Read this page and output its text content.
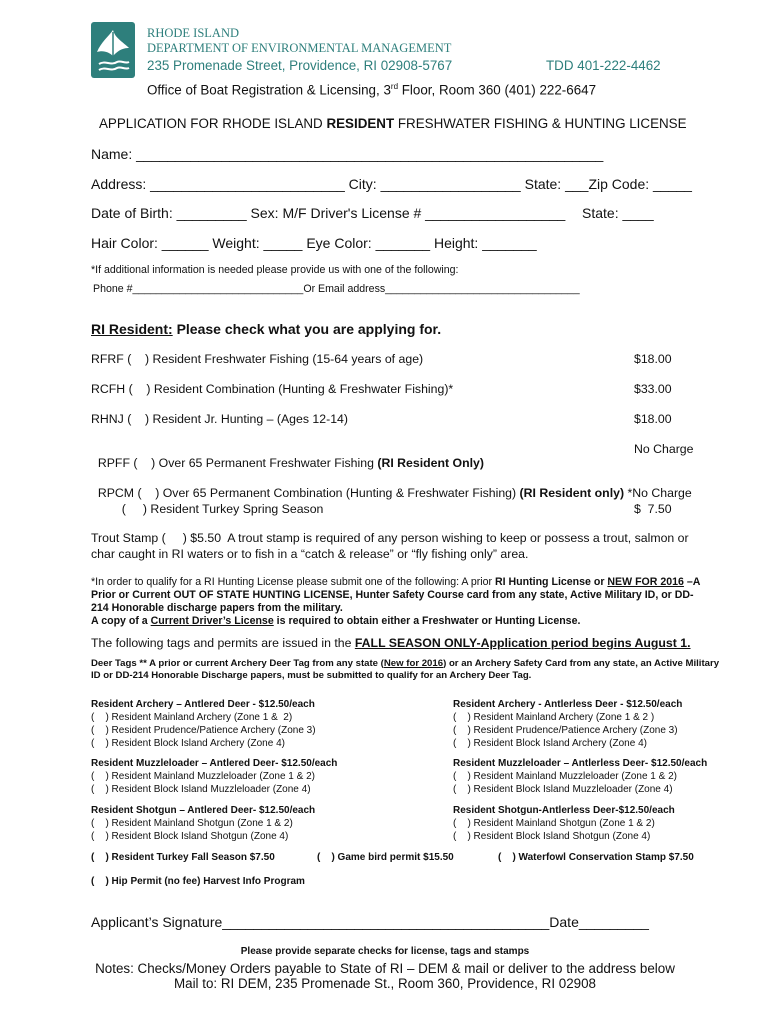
RHODE ISLAND
DEPARTMENT OF ENVIRONMENTAL MANAGEMENT
235 Promenade Street, Providence, RI 02908-5767	TDD 401-222-4462
Office of Boat Registration & Licensing, 3rd Floor, Room 360 (401) 222-6647
APPLICATION FOR RHODE ISLAND RESIDENT FRESHWATER FISHING & HUNTING LICENSE
Name: ____________________________________________________________
Address: _________________________ City: __________________ State: ___Zip Code: _____
Date of Birth: _________ Sex: M/F Driver's License # __________________ State: ____
Hair Color: ______ Weight: _____ Eye Color: _______ Height: _______
*If additional information is needed please provide us with one of the following:
Phone #_____________________________Or Email address_________________________________
RI Resident: Please check what you are applying for.
RFRF (    ) Resident Freshwater Fishing (15-64 years of age)	$18.00
RCFH (    ) Resident Combination (Hunting & Freshwater Fishing)*	$33.00
RHNJ (    ) Resident Jr. Hunting – (Ages 12-14)	$18.00

RPFF (    ) Over 65 Permanent Freshwater Fishing (RI Resident Only)

No Charge

RPCM (    ) Over 65 Permanent Combination (Hunting & Freshwater Fishing) (RI Resident only) *No Charge

(     ) Resident Turkey Spring Season	$  7.50
Trout Stamp (     ) $5.50  A trout stamp is required of any person wishing to keep or possess a trout, salmon or
char caught in RI waters or to fish in a “catch & release” or “fly fishing only” area.
*In order to qualify for a RI Hunting License please submit one of the following: A prior RI Hunting License or NEW FOR 2016 –A Prior or Current OUT OF STATE HUNTING LICENSE, Hunter Safety Course card from any state, Active Military ID, or DD-214 Honorable discharge papers from the military.
A copy of a Current Driver’s License is required to obtain either a Freshwater or Hunting License.
The following tags and permits are issued in the FALL SEASON ONLY-Application period begins August 1.
Deer Tags ** A prior or current Archery Deer Tag from any state (New for 2016) or an Archery Safety Card from any state, an Active Military ID or DD-214 Honorable Discharge papers, must be submitted to qualify for an Archery Deer Tag.
Resident Archery – Antlered Deer - $12.50/each
(    ) Resident Mainland Archery (Zone 1 &  2)
(    ) Resident Prudence/Patience Archery (Zone 3)
(    ) Resident Block Island Archery (Zone 4)
Resident Archery - Antlerless Deer - $12.50/each
(    ) Resident Mainland Archery (Zone 1 & 2 )
(    ) Resident Prudence/Patience Archery (Zone 3)
(    ) Resident Block Island Archery (Zone 4)
Resident Muzzleloader – Antlered Deer- $12.50/each
(    ) Resident Mainland Muzzleloader (Zone 1 & 2)
(    ) Resident Block Island Muzzleloader (Zone 4)
Resident Muzzleloader – Antlerless Deer- $12.50/each
(    ) Resident Mainland Muzzleloader (Zone 1 & 2)
(    ) Resident Block Island Muzzleloader (Zone 4)
Resident Shotgun – Antlered Deer- $12.50/each
(    ) Resident Mainland Shotgun (Zone 1 & 2)
(    ) Resident Block Island Shotgun (Zone 4)
Resident Shotgun-Antlerless Deer-$12.50/each
(    ) Resident Mainland Shotgun (Zone 1 & 2)
(    ) Resident Block Island Shotgun (Zone 4)
(    ) Resident Turkey Fall Season $7.50	(    ) Game bird permit $15.50	(    ) Waterfowl Conservation Stamp $7.50
(    ) Hip Permit (no fee) Harvest Info Program
Applicant’s Signature__________________________________________Date_________
Please provide separate checks for license, tags and stamps
Notes: Checks/Money Orders payable to State of RI – DEM & mail or deliver to the address below
Mail to: RI DEM, 235 Promenade St., Room 360, Providence, RI 02908
